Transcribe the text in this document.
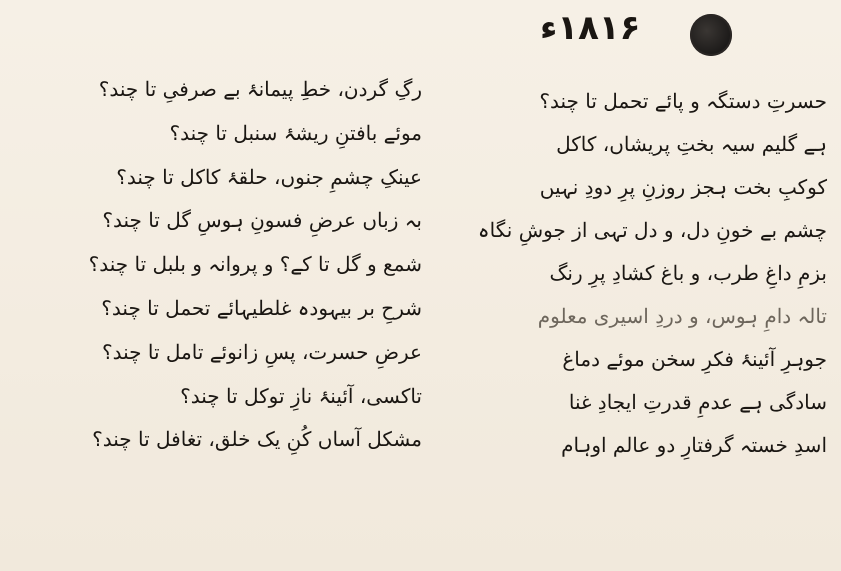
۱۸۱۶ء
حسرتِ دستگہ و پائے تحمل تا چند؟
ہے گلیم سیہ بختِ پریشاں، کاکل
کوکبِ بخت ہجز روزنِ پرِ دودِ نہیں
چشم بے خونِ دل، و دل تہی از جوشِ نگاہ
بزمِ داغِ طرب، و باغ کشادِ پرِ رنگ
تالہ دامِ ہوس، و دردِ اسیری معلوم
جوہرِ آئینۂ فکرِ سخن موئے دماغ
سادگی ہے عدمِ قدرتِ ایجادِ غنا
اسدِ خستہ گرفتارِ دو عالم اوہام
رگِ گردن، خطِ پیمانۂ بے صرفیِ تا چند؟
موئے بافتنِ ریشۂ سنبل تا چند؟
عینکِ چشمِ جنوں، حلقۂ کاکل تا چند؟
بہ زباں عرضِ فسونِ ہوسِ گل تا چند؟
شمع و گل تا کے؟ و پروانہ و بلبل تا چند؟
شرحِ بر بیہودہ غلطیہائے تحمل تا چند؟
عرضِ حسرت، پسِ زانوئے تامل تا چند؟
تاکسی، آئینۂ نازِ توکل تا چند؟
مشکل آساں کُنِ یک خلق، تغافل تا چند؟
